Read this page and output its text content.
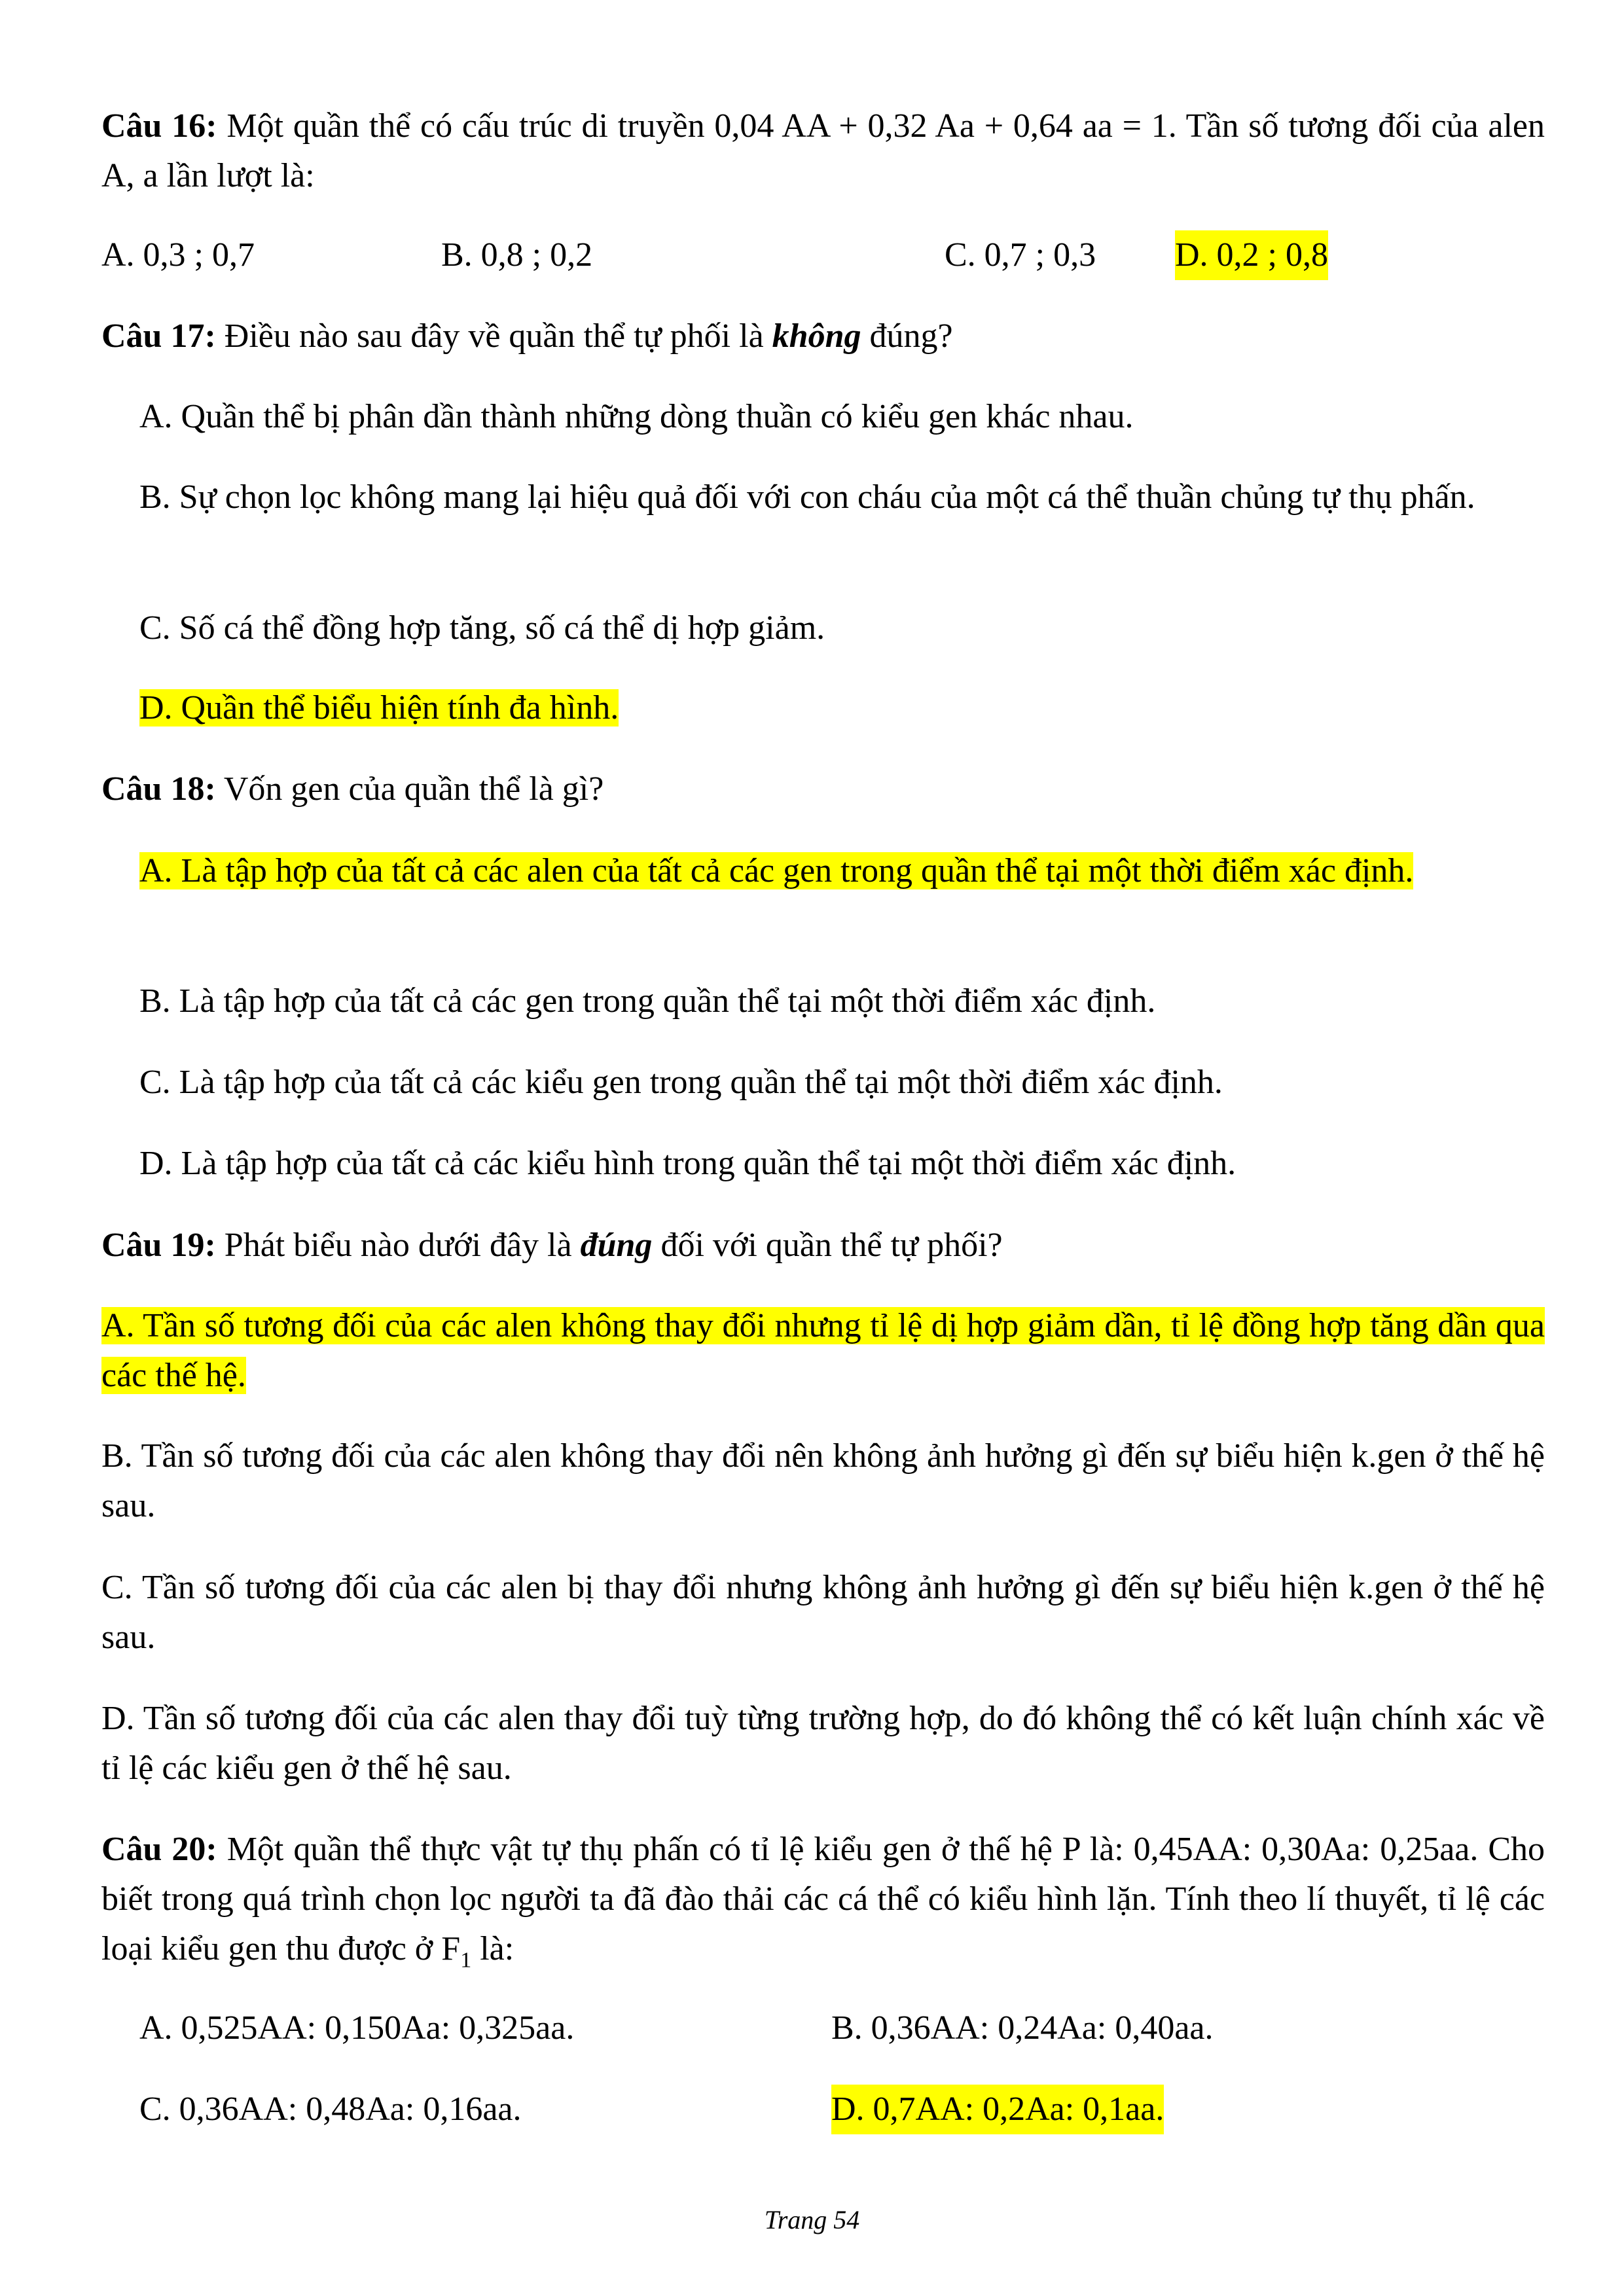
Câu 16: Một quần thể có cấu trúc di truyền 0,04 AA + 0,32 Aa + 0,64 aa = 1. Tần số tương đối của alen A, a lần lượt là:
A. 0,3 ; 0,7	B. 0,8 ; 0,2	C. 0,7 ; 0,3 D. 0,2 ; 0,8
Câu 17: Điều nào sau đây về quần thể tự phối là không đúng?
A. Quần thể bị phân dần thành những dòng thuần có kiểu gen khác nhau.
B. Sự chọn lọc không mang lại hiệu quả đối với con cháu của một cá thể thuần chủng tự thụ phấn.
C. Số cá thể đồng hợp tăng, số cá thể dị hợp giảm.
D. Quần thể biểu hiện tính đa hình.
Câu 18: Vốn gen của quần thể là gì?
A. Là tập hợp của tất cả các alen của tất cả các gen trong quần thể tại một thời điểm xác định.
B. Là tập hợp của tất cả các gen trong quần thể tại một thời điểm xác định.
C. Là tập hợp của tất cả các kiểu gen trong quần thể tại một thời điểm xác định.
D. Là tập hợp của tất cả các kiểu hình trong quần thể tại một thời điểm xác định.
Câu 19: Phát biểu nào dưới đây là đúng đối với quần thể tự phối?
A. Tần số tương đối của các alen không thay đổi nhưng tỉ lệ dị hợp giảm dần, tỉ lệ đồng hợp tăng dần qua các thế hệ.
B. Tần số tương đối của các alen không thay đổi nên không ảnh hưởng gì đến sự biểu hiện k.gen ở thế hệ sau.
C. Tần số tương đối của các alen bị thay đổi nhưng không ảnh hưởng gì đến sự biểu hiện k.gen ở thế hệ sau.
D. Tần số tương đối của các alen thay đổi tuỳ từng trường hợp, do đó không thể có kết luận chính xác về tỉ lệ các kiểu gen ở thế hệ sau.
Câu 20: Một quần thể thực vật tự thụ phấn có tỉ lệ kiểu gen ở thế hệ P là: 0,45AA: 0,30Aa: 0,25aa. Cho biết trong quá trình chọn lọc người ta đã đào thải các cá thể có kiểu hình lặn. Tính theo lí thuyết, tỉ lệ các loại kiểu gen thu được ở $F_1$ là:
A. 0,525AA: 0,150Aa: 0,325aa.	B. 0,36AA: 0,24Aa: 0,40aa.
C. 0,36AA: 0,48Aa: 0,16aa.	D. 0,7AA: 0,2Aa: 0,1aa.
Trang 54
